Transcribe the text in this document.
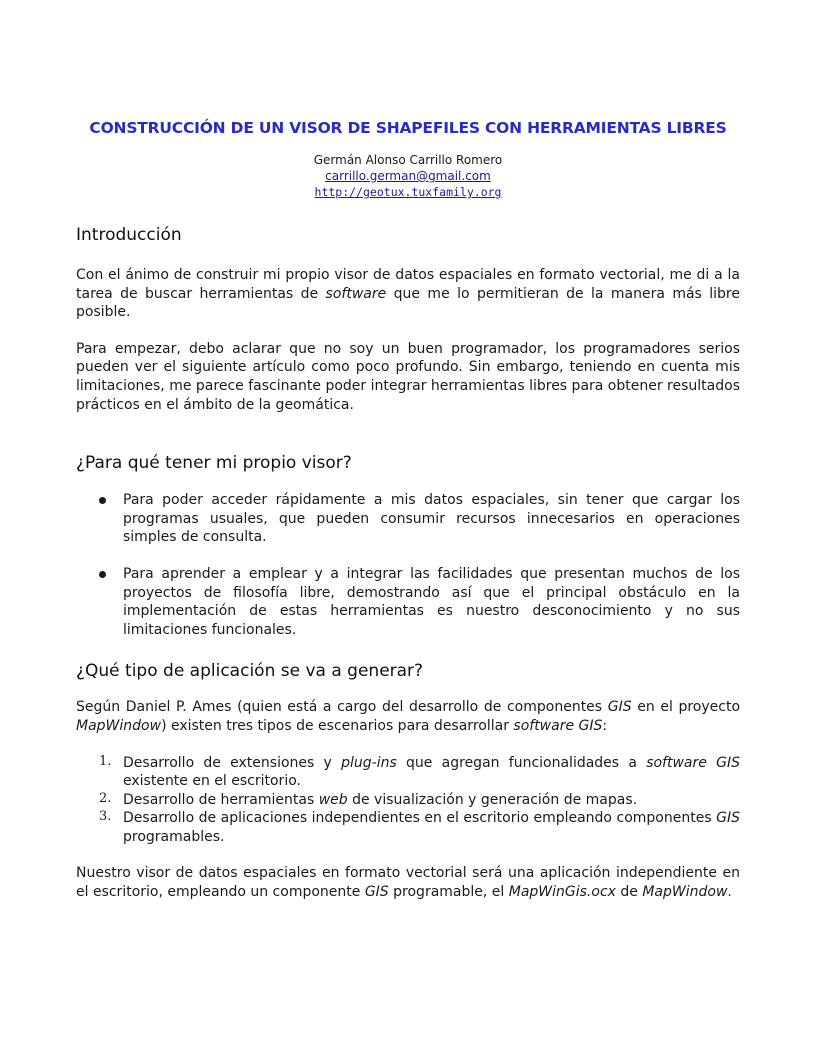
CONSTRUCCIÓN DE UN VISOR DE SHAPEFILES CON HERRAMIENTAS LIBRES
Germán Alonso Carrillo Romero
carrillo.german@gmail.com
http://geotux.tuxfamily.org
Introducción

Con el ánimo de construir mi propio visor de datos espaciales en formato vectorial, me di a la tarea de buscar herramientas de software que me lo permitieran de la manera más libre posible.

Para empezar, debo aclarar que no soy un buen programador, los programadores serios pueden ver el siguiente artículo como poco profundo. Sin embargo, teniendo en cuenta mis limitaciones, me parece fascinante poder integrar herramientas libres para obtener resultados prácticos en el ámbito de la geomática.

¿Para qué tener mi propio visor?

Para poder acceder rápidamente a mis datos espaciales, sin tener que cargar los programas usuales, que pueden consumir recursos innecesarios en operaciones simples de consulta.

Para aprender a emplear y a integrar las facilidades que presentan muchos de los proyectos de filosofía libre, demostrando así que el principal obstáculo en la implementación de estas herramientas es nuestro desconocimiento y no sus limitaciones funcionales.

¿Qué tipo de aplicación se va a generar?

Según Daniel P. Ames (quien está a cargo del desarrollo de componentes GIS en el proyecto MapWindow) existen tres tipos de escenarios para desarrollar software GIS:

1. Desarrollo de extensiones y plug-ins que agregan funcionalidades a software GIS existente en el escritorio.

2. Desarrollo de herramientas web de visualización y generación de mapas.

3. Desarrollo de aplicaciones independientes en el escritorio empleando componentes GIS programables.

Nuestro visor de datos espaciales en formato vectorial será una aplicación independiente en el escritorio, empleando un componente GIS programable, el MapWinGis.ocx de MapWindow.
